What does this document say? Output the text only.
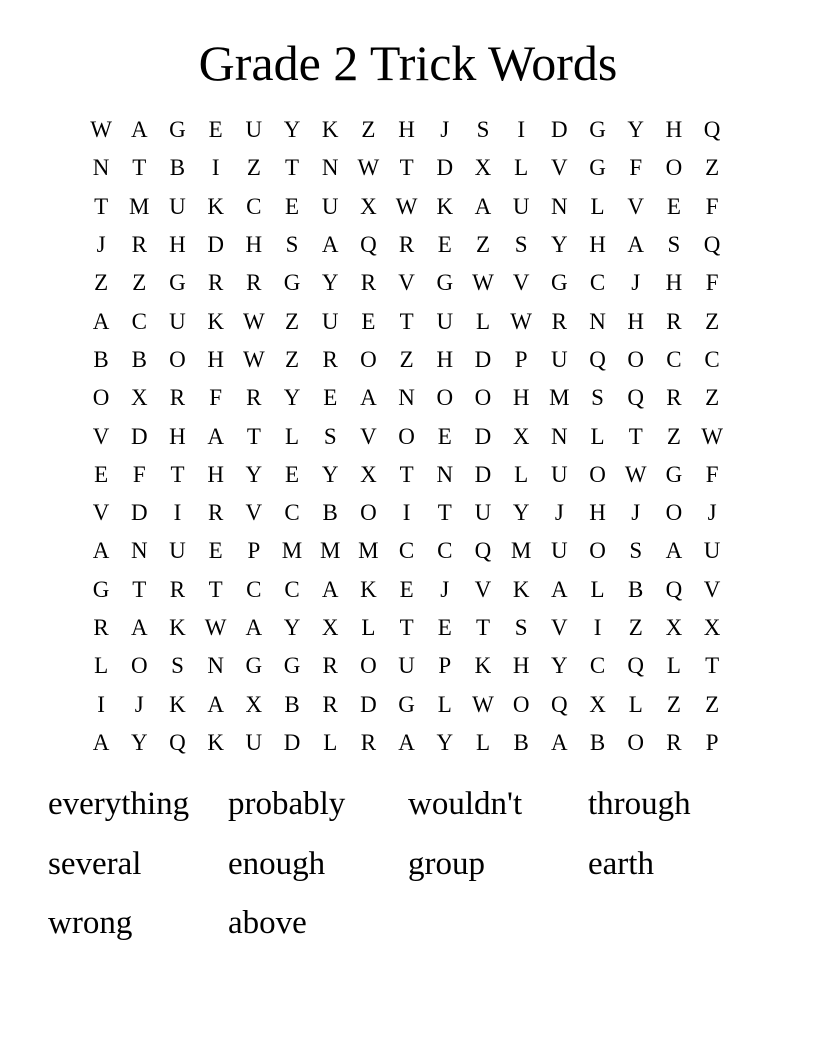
Grade 2 Trick Words
W A G E U Y K Z H	J	S	I	D G Y H Q
N T	B	I	Z	T N W T D X L V G	F	O Z
T M U K C	E U X W K A U N L V E	F
J	R H D H	S	A Q R	E	Z	S	Y H A	S	Q
Z	Z G R R G Y R V G W V G C	J	H	F
A C U K W Z U E	T U L W R N H R	Z
B B O H W Z	R O Z H D	P	U Q O C C
O X R	F	R Y E A N O O H M S	Q R	Z
V D H A T	L	S	V O E D X N L	T	Z W
E	F	T H Y E Y X T N D L U O W G	F
V D	I	R V C B O	I	T U Y	J	H	J	O	J
A N U E	P M M M C C Q M U O	S	A U
G T	R	T	C C A K E	J	V K A L	B Q V
R A K W A Y X L	T	E	T	S	V	I	Z X X
L O	S	N G G R O U	P	K H Y C Q L	T
I	J	K A X B R D G L W O Q X L	Z	Z
A Y Q K U D L	R A Y L	B A B O R	P
everything	probably	wouldn't	through
several	enough	group	earth
wrong	above
